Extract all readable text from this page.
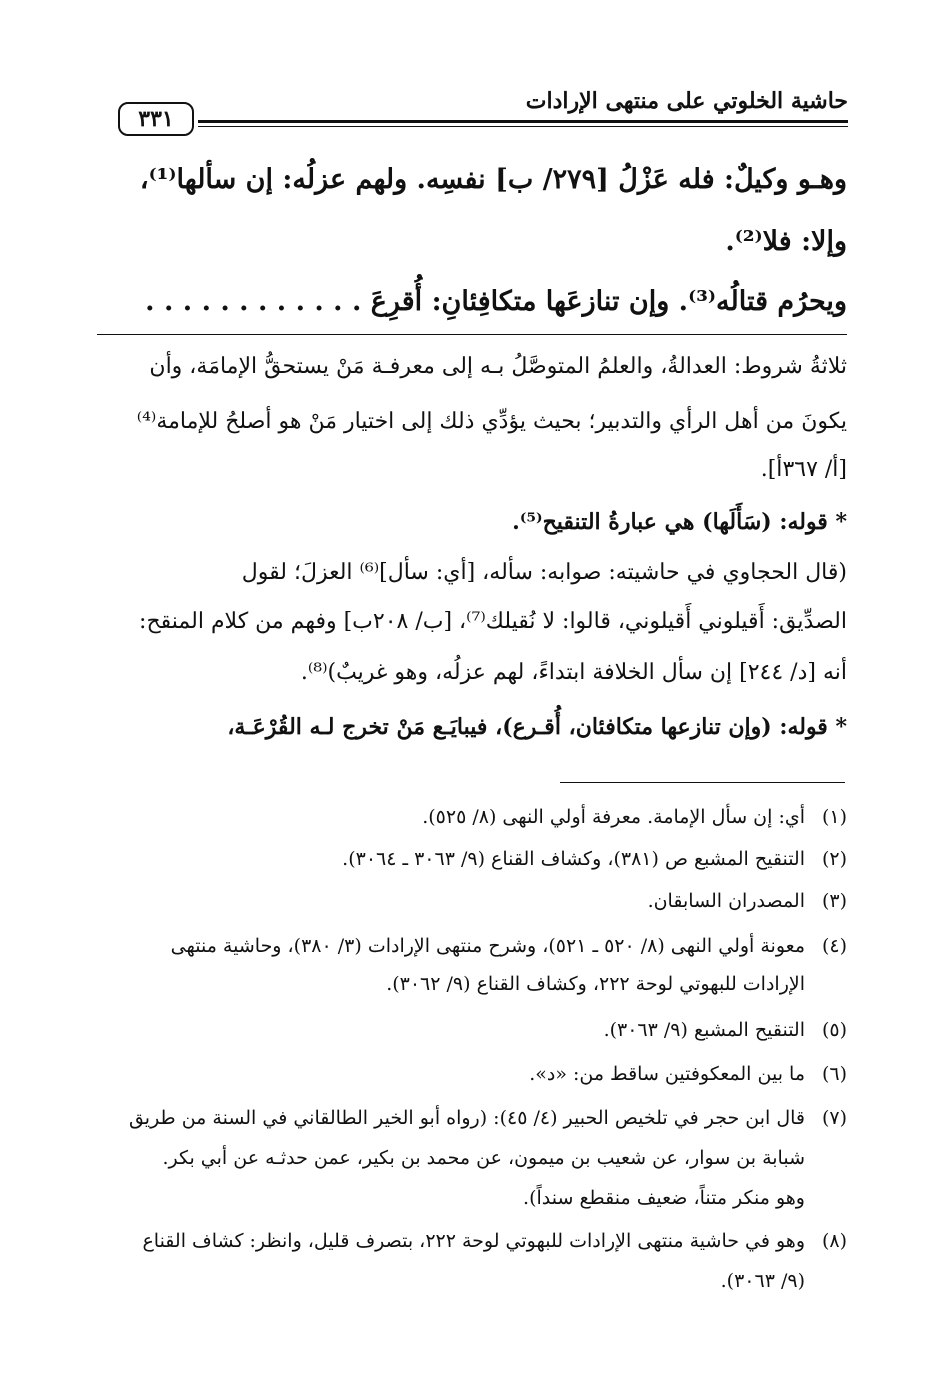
حاشية الخلوتي على منتهى الإرادات
٣٣١
وهـو وكيلٌ: فله عَزْلُ [٢٧٩/ ب] نفسِه. ولهم عزلُه: إن سألها⁽¹⁾،
وإلا: فلا⁽²⁾.
ويحرُم قتالُه⁽³⁾. وإن تنازعَها متكافِئانِ: أُقرِعَ . . . . . . . . . . . .
ثلاثةُ شروط: العدالةُ، والعلمُ المتوصَّلُ بـه إلى معرفـة مَنْ يستحقُّ الإمامَة، وأن
يكونَ من أهل الرأي والتدبير؛ بحيث يؤدِّي ذلك إلى اختيار مَنْ هو أصلحُ للإمامة⁽⁴⁾
[أ/ ٣٦٧أ].
* قوله: (سَأَلَها) هي عبارةُ التنقيح⁽⁵⁾.
(قال الحجاوي في حاشيته: صوابه: سأله، [أي: سأل]⁽⁶⁾ العزلَ؛ لقول
الصدِّيق: أَقيلوني أَقيلوني، قالوا: لا نُقيلك⁽⁷⁾، [ب/ ٢٠٨ب] وفهم من كلام المنقح:
أنه [د/ ٢٤٤] إن سأل الخلافة ابتداءً، لهم عزلُه، وهو غريبٌ)⁽⁸⁾.
* قوله: (وإن تنازعها متكافئان، أُقـرع)، فيبايَـع مَنْ تخرج لـه القُرْعَـة،
(١)
أي: إن سأل الإمامة. معرفة أولي النهى (٨/ ٥٢٥).
(٢)
التنقيح المشبع ص (٣٨١)، وكشاف القناع (٩/ ٣٠٦٣ ـ ٣٠٦٤).
(٣)
المصدران السابقان.
(٤)
معونة أولي النهى (٨/ ٥٢٠ ـ ٥٢١)، وشرح منتهى الإرادات (٣/ ٣٨٠)، وحاشية منتهى
الإرادات للبهوتي لوحة ٢٢٢، وكشاف القناع (٩/ ٣٠٦٢).
(٥)
التنقيح المشبع (٩/ ٣٠٦٣).
(٦)
ما بين المعكوفتين ساقط من: «د».
(٧)
قال ابن حجر في تلخيص الحبير (٤/ ٤٥): (رواه أبو الخير الطالقاني في السنة من طريق
شبابة بن سوار، عن شعيب بن ميمون، عن محمد بن بكير، عمن حدثـه عن أبي بكر.
وهو منكر متناً، ضعيف منقطع سنداً).
(٨)
وهو في حاشية منتهى الإرادات للبهوتي لوحة ٢٢٢، بتصرف قليل، وانظر: كشاف القناع
(٩/ ٣٠٦٣).
